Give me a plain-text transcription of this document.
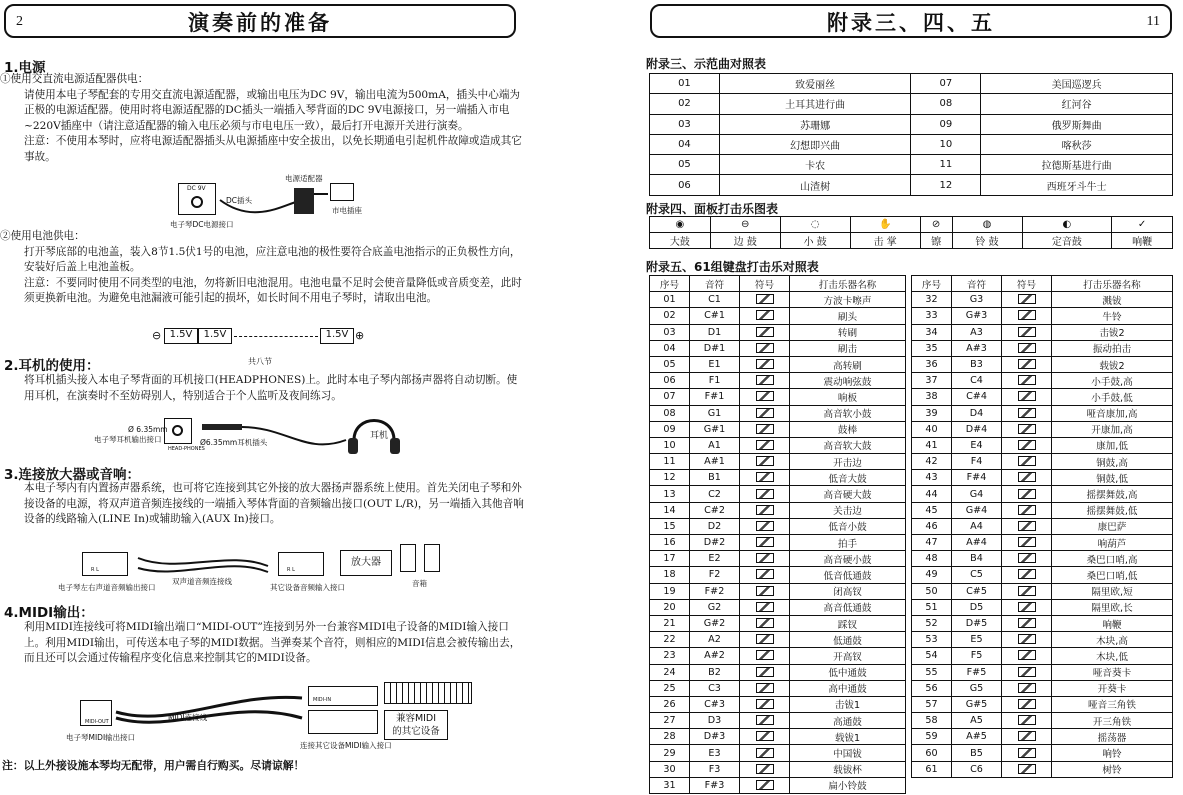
2	演奏前的准备
1.电源
①使用交直流电源适配器供电：
请使用本电子琴配套的专用交直流电源适配器，或输出电压为DC 9V，输出电流为500mA，插头中心端为正极的电源适配器。使用时将电源适配器的DC插头一端插入琴背面的DC 9V电源接口，另一端插入市电~220V插座中（请注意适配器的输入电压必须与市电电压一致），最后打开电源开关进行演奏。
注意：不使用本琴时，应将电源适配器插头从电源插座中安全拔出，以免长期通电引起机件故障或造成其它事故。
DC 9V
电子琴DC电源接口
DC插头
电源适配器
市电插座
②使用电池供电：
打开琴底部的电池盖，装入8节1.5伏1号的电池，应注意电池的极性要符合底盖电池指示的正负极性方向，安装好后盖上电池盖板。
注意：不要同时使用不同类型的电池，勿将新旧电池混用。电池电量不足时会使音量降低或音质变差，此时须更换新电池。为避免电池漏液可能引起的损坏，如长时间不用电子琴时，请取出电池。
⊖ 1.5V	1.5V	1.5V ⊕
共八节
2.耳机的使用：
将耳机插头接入本电子琴背面的耳机接口(HEADPHONES)上。此时本电子琴内部扬声器将自动切断。使用耳机，在演奏时不至妨碍别人，特别适合于个人监听及夜间练习。
Ø 6.35mm
电子琴耳机输出接口
HEAD-PHONES
Ø6.35mm耳机插头
耳机
3.连接放大器或音响：
本电子琴内有内置扬声器系统，也可将它连接到其它外接的放大器扬声器系统上使用。首先关闭电子琴和外接设备的电源，将双声道音频连接线的一端插入琴体背面的音频输出接口(OUT L/R)，另一端插入其他音响设备的线路输入(LINE In)或辅助输入(AUX In)接口。
R L
电子琴左右声道音频输出接口
双声道音频连接线
R L
其它设备音频输入接口
放大器
音箱
4.MIDI输出：
利用MIDI连接线可将MIDI输出端口“MIDI-OUT”连接到另外一台兼容MIDI电子设备的MIDI输入接口上。利用MIDI输出，可传送本电子琴的MIDI数据。当弹奏某个音符，则相应的MIDI信息会被传输出去，而且还可以会通过传输程序变化信息来控制其它的MIDI设备。
MIDI-OUT
电子琴MIDI输出接口
MIDI连接线
MIDI-IN
连接其它设备MIDI输入接口
兼容MIDI
的其它设备
注：以上外接设施本琴均无配带，用户需自行购买。尽请谅解！
附录三、四、五	11
附录三、示范曲对照表
01	致爱丽丝	07	美国巡逻兵
02	土耳其进行曲	08	红河谷
03	苏珊娜	09	俄罗斯舞曲
04	幻想即兴曲	10	喀秋莎
05	卡农	11	拉德斯基进行曲
06	山渣树	12	西班牙斗牛士
附录四、面板打击乐图表
◉	⊖	◌	✋	⊘	◍	◐	✓
大鼓	边 鼓	小 鼓	击 掌	镲	铃 鼓	定音鼓	响鞭
附录五、61组键盘打击乐对照表
序号	音符	符号	打击乐器名称
01	C1		方波卡嚓声
02	C#1		刷头
03	D1		转刷
04	D#1		刷击
05	E1		高转刷
06	F1		震动响弦鼓
07	F#1		响板
08	G1		高音软小鼓
09	G#1		鼓棒
10	A1		高音软大鼓
11	A#1		开击边
12	B1		低音大鼓
13	C2		高音硬大鼓
14	C#2		关击边
15	D2		低音小鼓
16	D#2		拍手
17	E2		高音硬小鼓
18	F2		低音低通鼓
19	F#2		闭高钗
20	G2		高音低通鼓
21	G#2		踩钗
22	A2		低通鼓
23	A#2		开高钗
24	B2		低中通鼓
25	C3		高中通鼓
26	C#3		击钹1
27	D3		高通鼓
28	D#3		载钹1
29	E3		中国钹
30	F3		载钹杯
31	F#3		扁小铃鼓
序号	音符	符号	打击乐器名称
32	G3		溅钹
33	G#3		牛铃
34	A3		击钹2
35	A#3		振动拍击
36	B3		载钹2
37	C4		小手鼓,高
38	C#4		小手鼓,低
39	D4		哑音康加,高
40	D#4		开康加,高
41	E4		康加,低
42	F4		铜鼓,高
43	F#4		铜鼓,低
44	G4		摇摆舞鼓,高
45	G#4		摇摆舞鼓,低
46	A4		康巴萨
47	A#4		响葫芦
48	B4		桑巴口哨,高
49	C5		桑巴口哨,低
50	C#5		隔里欧,短
51	D5		隔里欧,长
52	D#5		响鞭
53	E5		木块,高
54	F5		木块,低
55	F#5		哑音葵卡
56	G5		开葵卡
57	G#5		哑音三角铁
58	A5		开三角铁
59	A#5		摇荡器
60	B5		响铃
61	C6		树铃
